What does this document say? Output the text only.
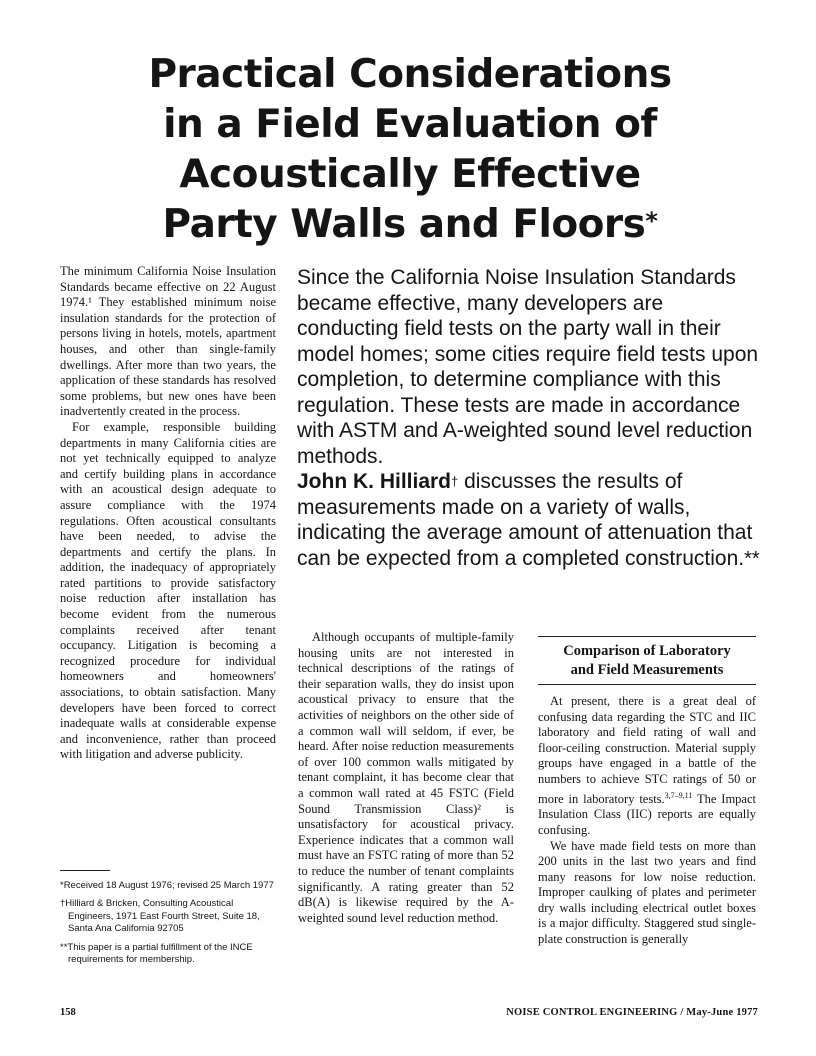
Practical Considerations
in a Field Evaluation of
Acoustically Effective
Party Walls and Floors*

The minimum California Noise Insulation Standards became effective on 22 August 1974.¹ They established minimum noise insulation standards for the protection of persons living in hotels, motels, apartment houses, and other than single-family dwellings. After more than two years, the application of these standards has resolved some problems, but new ones have been inadvertently created in the process.

For example, responsible building departments in many California cities are not yet technically equipped to analyze and certify building plans in accordance with an acoustical design adequate to assure compliance with the 1974 regulations. Often acoustical consultants have been needed, to advise the departments and certify the plans. In addition, the inadequacy of appropriately rated partitions to provide satisfactory noise reduction after installation has become evident from the numerous complaints received after tenant occupancy. Litigation is becoming a recognized procedure for individual homeowners and homeowners' associations, to obtain satisfaction. Many developers have been forced to correct inadequate walls at considerable expense and inconvenience, rather than proceed with litigation and adverse publicity.

*Received 18 August 1976; revised 25 March 1977

†Hilliard & Bricken, Consulting Acoustical Engineers, 1971 East Fourth Street, Suite 18, Santa Ana California 92705

**This paper is a partial fulfillment of the INCE requirements for membership.

Since the California Noise Insulation Standards became effective, many developers are conducting field tests on the party wall in their model homes; some cities require field tests upon completion, to determine compliance with this regulation. These tests are made in accordance with ASTM and A-weighted sound level reduction methods.
John K. Hilliard† discusses the results of measurements made on a variety of walls, indicating the average amount of attenuation that can be expected from a completed construction.**

Although occupants of multiple-family housing units are not interested in technical descriptions of the ratings of their separation walls, they do insist upon acoustical privacy to ensure that the activities of neighbors on the other side of a common wall will seldom, if ever, be heard. After noise reduction measurements of over 100 common walls mitigated by tenant complaint, it has become clear that a common wall rated at 45 FSTC (Field Sound Transmission Class)² is unsatisfactory for acoustical privacy. Experience indicates that a common wall must have an FSTC rating of more than 52 to reduce the number of tenant complaints significantly. A rating greater than 52 dB(A) is likewise required by the A-weighted sound level reduction method.

Comparison of Laboratory
and Field Measurements

At present, there is a great deal of confusing data regarding the STC and IIC laboratory and field rating of wall and floor-ceiling construction. Material supply groups have engaged in a battle of the numbers to achieve STC ratings of 50 or more in laboratory tests.$^{3,7-9,11}$ The Impact Insulation Class (IIC) reports are equally confusing.

We have made field tests on more than 200 units in the last two years and find many reasons for low noise reduction. Improper caulking of plates and perimeter dry walls including electrical outlet boxes is a major difficulty. Staggered stud single-plate construction is generally

158	NOISE CONTROL ENGINEERING / May-June 1977
